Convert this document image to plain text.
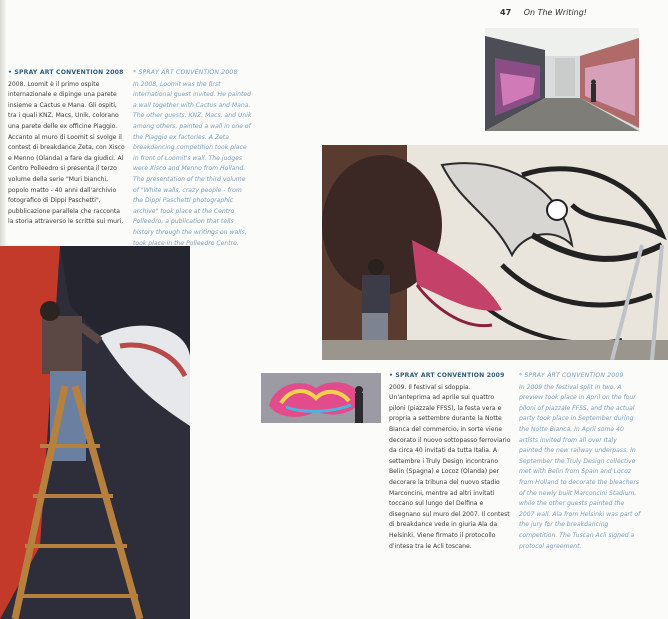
47 On The Writing!
• SPRAY ART CONVENTION 2008

2008. Loomit è il primo ospite internazionale e dipinge una parete insieme a Cactus e Mana. Gli ospiti, tra i quali KNZ, Macs, Unik, colorano una parete delle ex officine Piaggio. Accanto al muro di Loomit si svolge il contest di breakdance Zeta, con Xisco e Menno (Olanda) a fare da giudici. Al Centro Polleedro si presenta il terzo volume della serie "Muri bianchi, popolo matto - 40 anni dall'archivio fotografico di Dippi Paschetti", pubblicazione parallela che racconta la storia attraverso le scritte sui muri.

* SPRAY ART CONVENTION 2008

In 2008, Loomit was the first international guest invited. He painted a wall together with Cactus and Mana. The other guests, KNZ, Macs, and Unik among others, painted a wall in one of the Piaggio ex factories. A Zeta breakdancing competition took place in front of Loomit's wall. The judges were Xisco and Menno from Holland. The presentation of the third volume of "White walls, crazy people - from the Dippi Paschetti photographic archive" took place at the Centro Polleedro, a publication that tells history through the writings on walls, took place in the Polleedro Centre.

• SPRAY ART CONVENTION 2009

2009. Il festival si sdoppia. Un'anteprima ad aprile sui quattro piloni (piazzale FFSS), la festa vera e propria a settembre durante la Notte Bianca del commercio, in sorte viene decorato il nuovo sottopasso ferroviario da circa 40 invitati da tutta Italia. A settembre i Truly Design incontrano Belin (Spagna) e Locoz (Olanda) per decorare la tribuna del nuovo stadio Marconcini, mentre ad altri invitati toccano sul lungo del Delfina e disegnano sul muro del 2007. Il contest di breakdance vede in giuria Ala da Helsinki. Viene firmato il protocollo d'intesa tra le Acli toscane.

* SPRAY ART CONVENTION 2009

In 2009 the festival split in two. A preview took place in April on the four piloni of piazzale FFSS, and the actual party took place in September during the Notte Bianca. In April some 40 artists invited from all over Italy painted the new railway underpass. In September the Truly Design collective met with Belin from Spain and Locoz from Holland to decorate the bleachers of the newly built Marconcini Stadium, while the other guests painted the 2007 wall. Ala from Helsinki was part of the jury for the breakdancing competition. The Tuscan Acli signed a protocol agreement.
